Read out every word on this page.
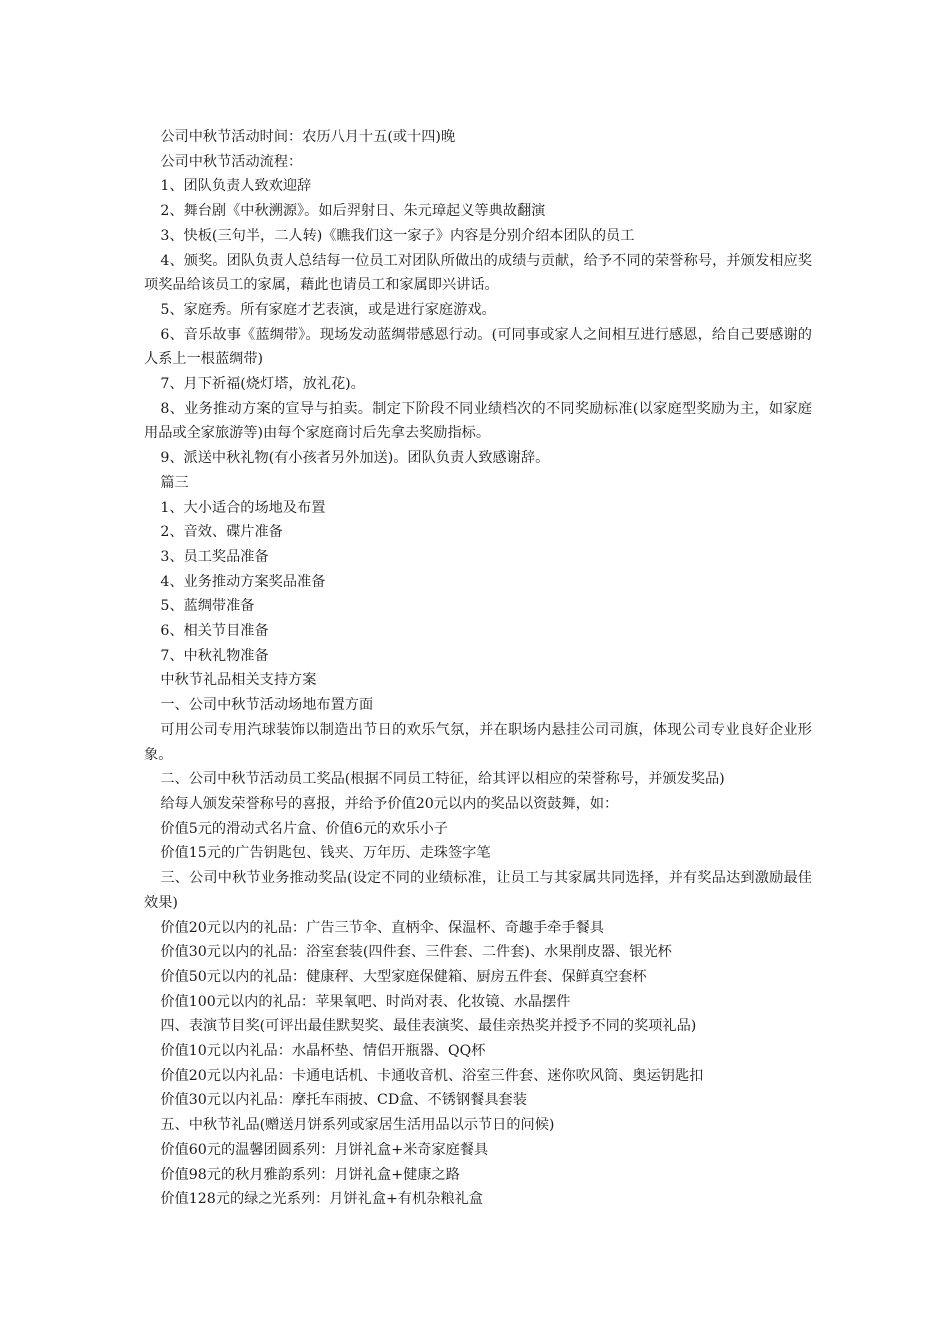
公司中秋节活动时间：农历八月十五(或十四)晚

公司中秋节活动流程：

1、团队负责人致欢迎辞

2、舞台剧《中秋溯源》。如后羿射日、朱元璋起义等典故翻演

3、快板(三句半，二人转)《瞧我们这一家子》内容是分别介绍本团队的员工

4、颁奖。团队负责人总结每一位员工对团队所做出的成绩与贡献，给予不同的荣誉称号，并颁发相应奖项奖品给该员工的家属，藉此也请员工和家属即兴讲话。

5、家庭秀。所有家庭才艺表演，或是进行家庭游戏。

6、音乐故事《蓝绸带》。现场发动蓝绸带感恩行动。(可同事或家人之间相互进行感恩，给自己要感谢的人系上一根蓝绸带)

7、月下祈福(烧灯塔，放礼花)。

8、业务推动方案的宣导与拍卖。制定下阶段不同业绩档次的不同奖励标准(以家庭型奖励为主，如家庭用品或全家旅游等)由每个家庭商讨后先拿去奖励指标。

9、派送中秋礼物(有小孩者另外加送)。团队负责人致感谢辞。

篇三

1、大小适合的场地及布置

2、音效、碟片准备

3、员工奖品准备

4、业务推动方案奖品准备

5、蓝绸带准备

6、相关节目准备

7、中秋礼物准备

中秋节礼品相关支持方案

一、公司中秋节活动场地布置方面

可用公司专用汽球装饰以制造出节日的欢乐气氛，并在职场内悬挂公司司旗，体现公司专业良好企业形象。

二、公司中秋节活动员工奖品(根据不同员工特征，给其评以相应的荣誉称号，并颁发奖品)

给每人颁发荣誉称号的喜报，并给予价值20元以内的奖品以资鼓舞，如：

价值5元的滑动式名片盒、价值6元的欢乐小子

价值15元的广告钥匙包、钱夹、万年历、走珠签字笔

三、公司中秋节业务推动奖品(设定不同的业绩标准，让员工与其家属共同选择，并有奖品达到激励最佳效果)

价值20元以内的礼品：广告三节伞、直柄伞、保温杯、奇趣手牵手餐具

价值30元以内的礼品：浴室套装(四件套、三件套、二件套)、水果削皮器、银光杯

价值50元以内的礼品：健康秤、大型家庭保健箱、厨房五件套、保鲜真空套杯

价值100元以内的礼品：苹果氧吧、时尚对表、化妆镜、水晶摆件

四、表演节目奖(可评出最佳默契奖、最佳表演奖、最佳亲热奖并授予不同的奖项礼品)

价值10元以内礼品：水晶杯垫、情侣开瓶器、QQ杯

价值20元以内礼品：卡通电话机、卡通收音机、浴室三件套、迷你吹风筒、奥运钥匙扣

价值30元以内礼品：摩托车雨披、CD盒、不锈钢餐具套装

五、中秋节礼品(赠送月饼系列或家居生活用品以示节日的问候)

价值60元的温馨团圆系列：月饼礼盒+米奇家庭餐具

价值98元的秋月雅韵系列：月饼礼盒+健康之路

价值128元的绿之光系列：月饼礼盒+有机杂粮礼盒
